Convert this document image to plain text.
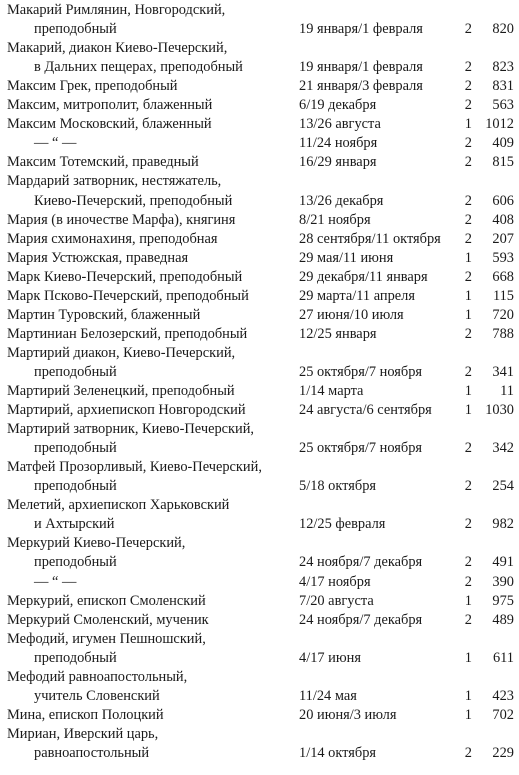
Макарий Римлянин, Новгородский,
преподобный	19 января/1 февраля	2 820
Макарий, диакон Киево-Печерский,
в Дальних пещерах, преподобный	19 января/1 февраля	2 823
Максим Грек, преподобный	21 января/3 февраля	2 831
Максим, митрополит, блаженный	6/19 декабря	2 563
Максим Московский, блаженный	13/26 августа	1 1012
— “ —	11/24 ноября	2 409
Максим Тотемский, праведный	16/29 января	2 815
Мардарий затворник, нестяжатель,
Киево-Печерский, преподобный	13/26 декабря	2 606
Мария (в иночестве Марфа), княгиня	8/21 ноября	2 408
Мария схимонахиня, преподобная	28 сентября/11 октября 2 207
Мария Устюжская, праведная	29 мая/11 июня	1 593
Марк Киево-Печерский, преподобный	29 декабря/11 января	2 668
Марк Псково-Печерский, преподобный	29 марта/11 апреля	1 115
Мартин Туровский, блаженный	27 июня/10 июля	1 720
Мартиниан Белозерский, преподобный	12/25 января	2 788
Мартирий диакон, Киево-Печерский,
преподобный	25 октября/7 ноября	2 341
Мартирий Зеленецкий, преподобный	1/14 марта	1 11
Мартирий, архиепископ Новгородский	24 августа/6 сентября 1 1030
Мартирий затворник, Киево-Печерский,
преподобный	25 октября/7 ноября	2 342
Матфей Прозорливый, Киево-Печерский,
преподобный	5/18 октября	2 254
Мелетий, архиепископ Харьковский
и Ахтырский	12/25 февраля	2 982
Меркурий Киево-Печерский,
преподобный	24 ноября/7 декабря	2 491
— “ —	4/17 ноября	2 390
Меркурий, епископ Смоленский	7/20 августа	1 975
Меркурий Смоленский, мученик	24 ноября/7 декабря	2 489
Мефодий, игумен Пешношский,
преподобный	4/17 июня	1 611
Мефодий равноапостольный,
учитель Словенский	11/24 мая	1 423
Мина, епископ Полоцкий	20 июня/3 июля	1 702
Мириан, Иверский царь,
равноапостольный	1/14 октября	2 229
